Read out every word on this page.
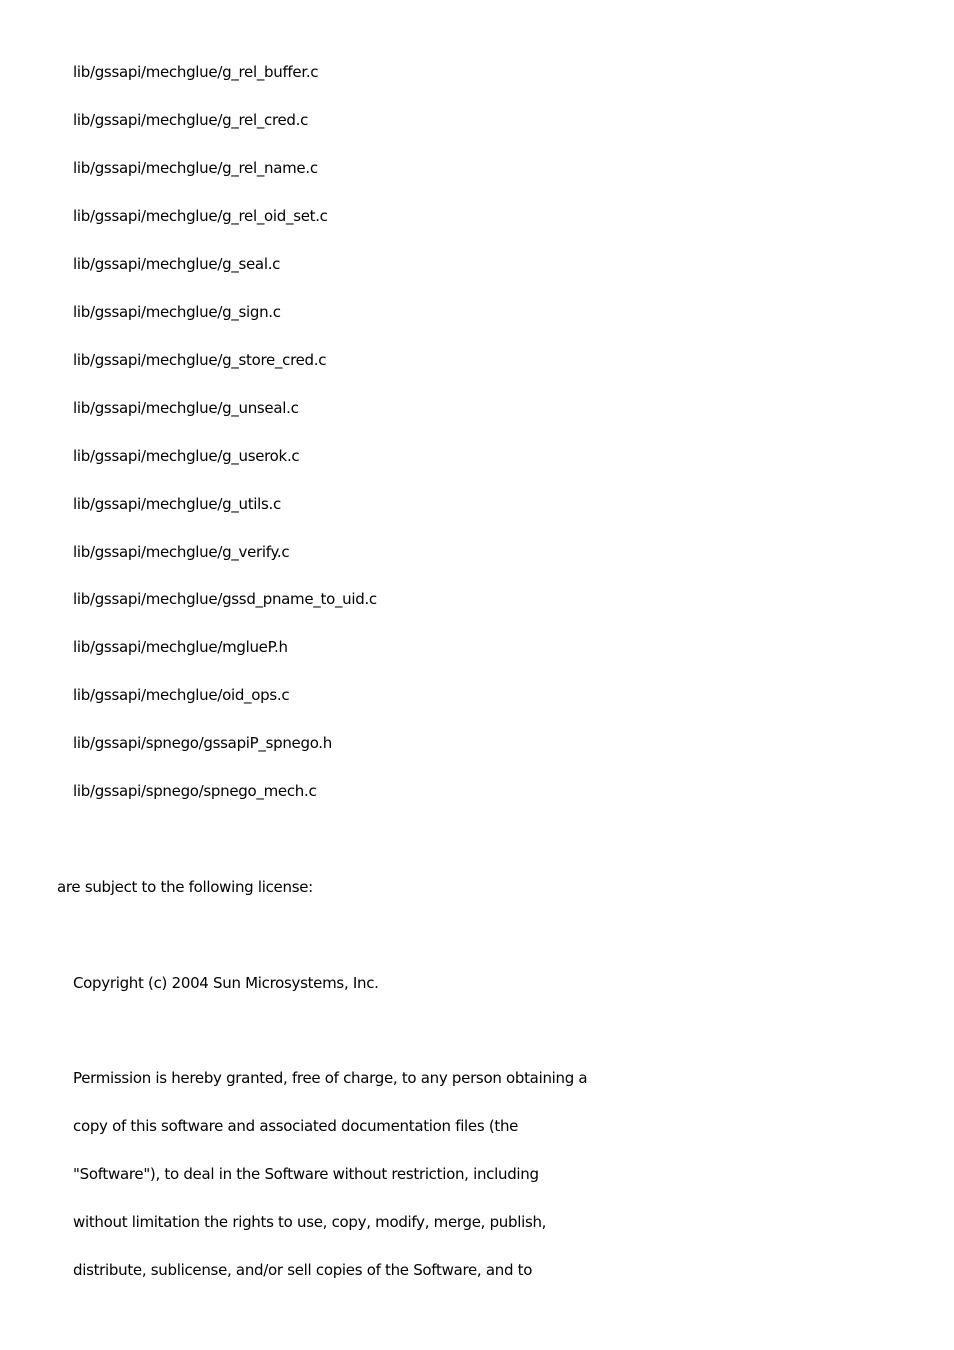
lib/gssapi/mechglue/g_rel_buffer.c
lib/gssapi/mechglue/g_rel_cred.c
lib/gssapi/mechglue/g_rel_name.c
lib/gssapi/mechglue/g_rel_oid_set.c
lib/gssapi/mechglue/g_seal.c
lib/gssapi/mechglue/g_sign.c
lib/gssapi/mechglue/g_store_cred.c
lib/gssapi/mechglue/g_unseal.c
lib/gssapi/mechglue/g_userok.c
lib/gssapi/mechglue/g_utils.c
lib/gssapi/mechglue/g_verify.c
lib/gssapi/mechglue/gssd_pname_to_uid.c
lib/gssapi/mechglue/mglueP.h
lib/gssapi/mechglue/oid_ops.c
lib/gssapi/spnego/gssapiP_spnego.h
lib/gssapi/spnego/spnego_mech.c
are subject to the following license:
Copyright (c) 2004 Sun Microsystems, Inc.
Permission is hereby granted, free of charge, to any person obtaining a
copy of this software and associated documentation files (the
"Software"), to deal in the Software without restriction, including
without limitation the rights to use, copy, modify, merge, publish,
distribute, sublicense, and/or sell copies of the Software, and to
